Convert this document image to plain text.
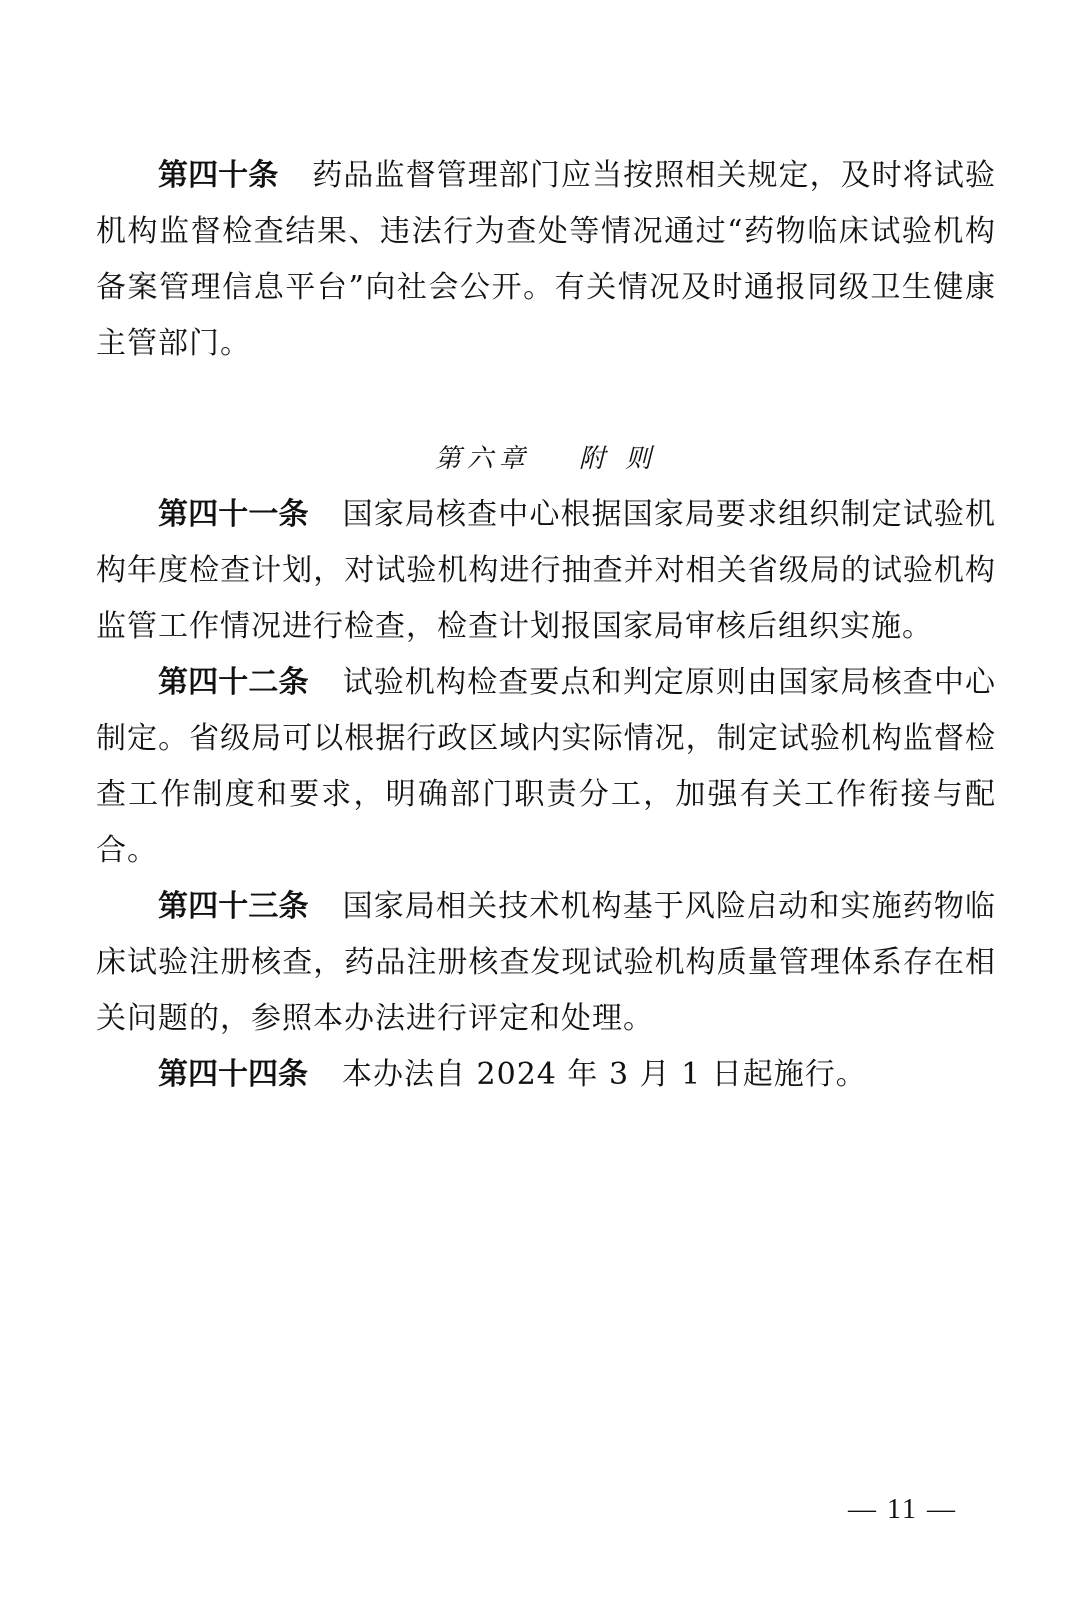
第四十条 药品监督管理部门应当按照相关规定，及时将试验机构监督检查结果、违法行为查处等情况通过“药物临床试验机构备案管理信息平台”向社会公开。有关情况及时通报同级卫生健康主管部门。

第六章 附 则

第四十一条 国家局核查中心根据国家局要求组织制定试验机构年度检查计划，对试验机构进行抽查并对相关省级局的试验机构监管工作情况进行检查，检查计划报国家局审核后组织实施。

第四十二条 试验机构检查要点和判定原则由国家局核查中心制定。省级局可以根据行政区域内实际情况，制定试验机构监督检查工作制度和要求，明确部门职责分工，加强有关工作衔接与配合。

第四十三条 国家局相关技术机构基于风险启动和实施药物临床试验注册核查，药品注册核查发现试验机构质量管理体系存在相关问题的，参照本办法进行评定和处理。

第四十四条 本办法自 2024 年 3 月 1 日起施行。

— 11 —
